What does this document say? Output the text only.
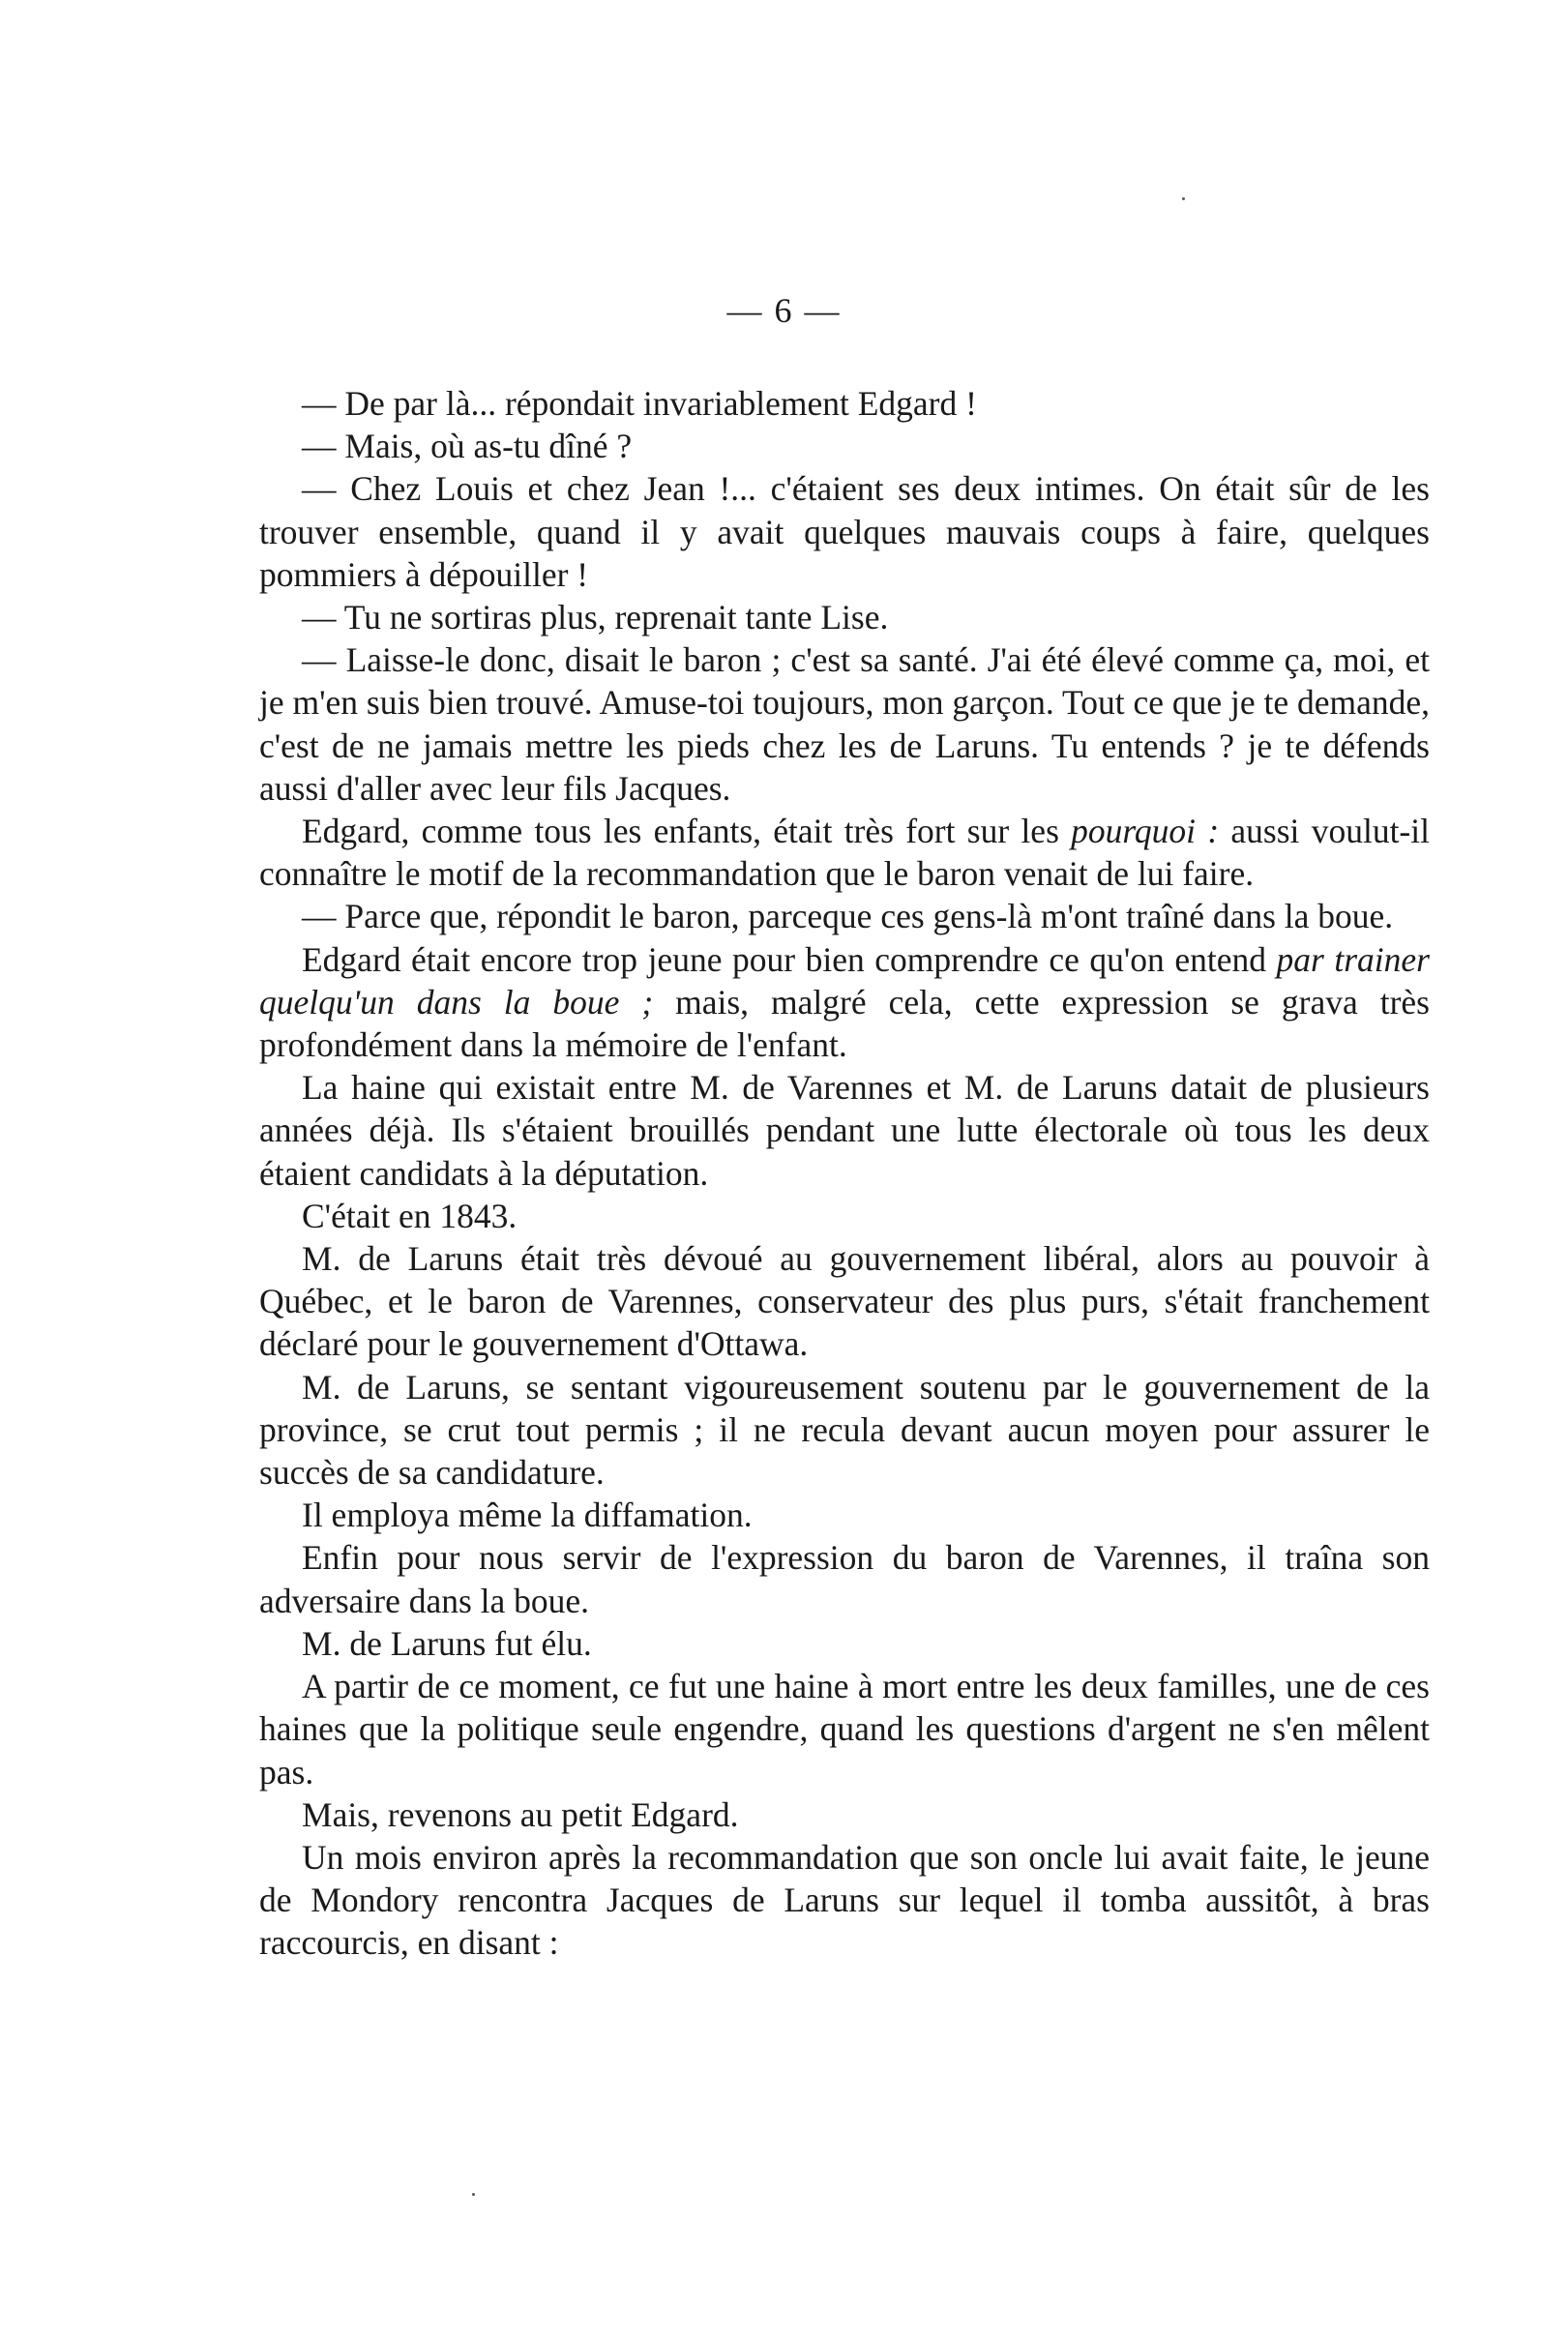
— 6 —

— De par là... répondait invariablement Edgard !

— Mais, où as-tu dîné ?

— Chez Louis et chez Jean !... c'étaient ses deux intimes. On était sûr de les trouver ensemble, quand il y avait quelques mauvais coups à faire, quelques pommiers à dépouiller !

— Tu ne sortiras plus, reprenait tante Lise.

— Laisse-le donc, disait le baron ; c'est sa santé. J'ai été élevé comme ça, moi, et je m'en suis bien trouvé. Amuse-toi toujours, mon garçon. Tout ce que je te demande, c'est de ne jamais mettre les pieds chez les de Laruns. Tu entends ? je te défends aussi d'aller avec leur fils Jacques.

Edgard, comme tous les enfants, était très fort sur les pourquoi : aussi voulut-il connaître le motif de la recommandation que le baron venait de lui faire.

— Parce que, répondit le baron, parceque ces gens-là m'ont traîné dans la boue.

Edgard était encore trop jeune pour bien comprendre ce qu'on entend par trainer quelqu'un dans la boue ; mais, malgré cela, cette expression se grava très profondément dans la mémoire de l'enfant.

La haine qui existait entre M. de Varennes et M. de Laruns datait de plusieurs années déjà. Ils s'étaient brouillés pendant une lutte électorale où tous les deux étaient candidats à la députation.

C'était en 1843.

M. de Laruns était très dévoué au gouvernement libéral, alors au pouvoir à Québec, et le baron de Varennes, conservateur des plus purs, s'était franchement déclaré pour le gouvernement d'Ottawa.

M. de Laruns, se sentant vigoureusement soutenu par le gouvernement de la province, se crut tout permis ; il ne recula devant aucun moyen pour assurer le succès de sa candidature.

Il employa même la diffamation.

Enfin pour nous servir de l'expression du baron de Varennes, il traîna son adversaire dans la boue.

M. de Laruns fut élu.

A partir de ce moment, ce fut une haine à mort entre les deux familles, une de ces haines que la politique seule engendre, quand les questions d'argent ne s'en mêlent pas.

Mais, revenons au petit Edgard.

Un mois environ après la recommandation que son oncle lui avait faite, le jeune de Mondory rencontra Jacques de Laruns sur lequel il tomba aussitôt, à bras raccourcis, en disant :
